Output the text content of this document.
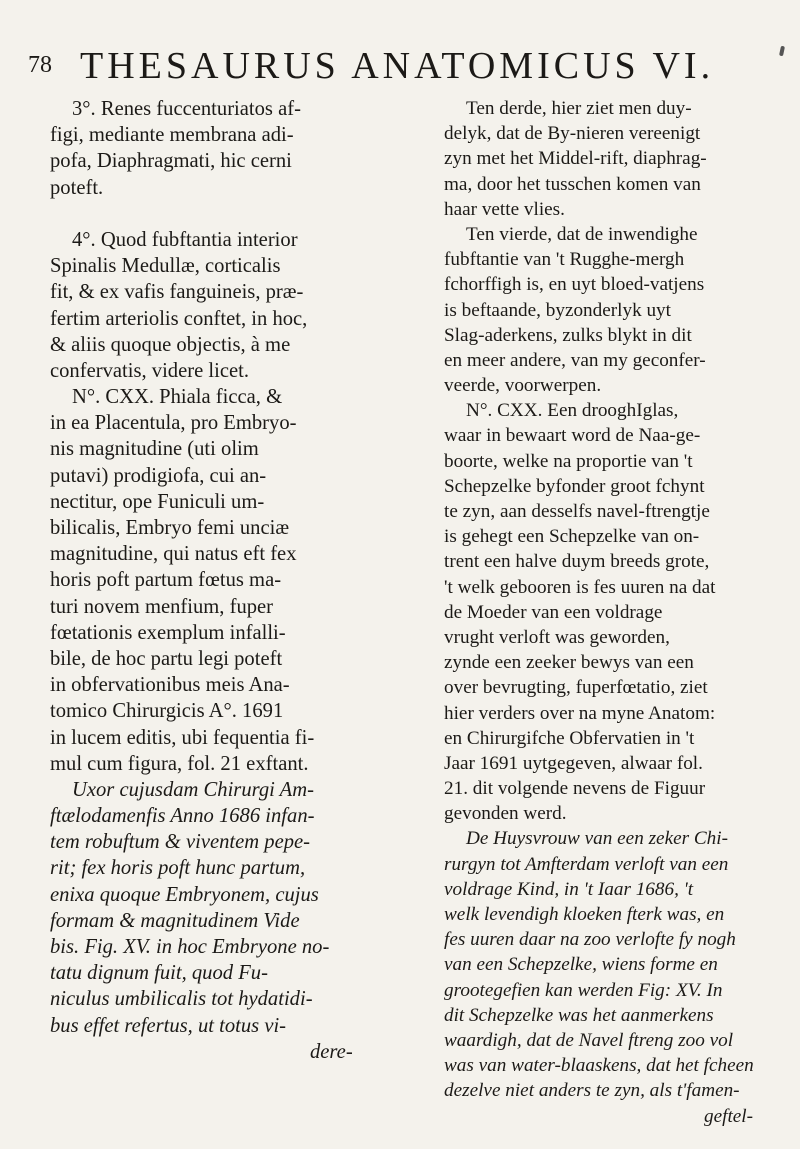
78 THESAURUS ANATOMICUS VI.
3°. Renes fuccenturiatos af-
figi, mediante membrana adi-
pofa, Diaphragmati, hic cerni
poteft.
4°. Quod fubftantia interior
Spinalis Medullæ, corticalis
fit, & ex vafis fanguineis, præ-
fertim arteriolis conftet, in hoc,
& aliis quoque objectis, à me
confervatis, videre licet.
N°. CXX. Phiala ficca, &
in ea Placentula, pro Embryo-
nis magnitudine (uti olim
putavi) prodigiofa, cui an-
nectitur, ope Funiculi um-
bilicalis, Embryo femi unciæ
magnitudine, qui natus eft fex
horis poft partum fœtus ma-
turi novem menfium, fuper
fœtationis exemplum infalli-
bile, de hoc partu legi poteft
in obfervationibus meis Ana-
tomico Chirurgicis A°. 1691
in lucem editis, ubi fequentia fi-
mul cum figura, fol. 21 exftant.
Uxor cujusdam Chirurgi Am-
ftælodamenfis Anno 1686 infan-
tem robuftum & viventem pepe-
rit; fex horis poft hunc partum,
enixa quoque Embryonem, cujus
formam & magnitudinem Vide
bis. Fig. XV. in hoc Embryone no-
tatu dignum fuit, quod Fu-
niculus umbilicalis tot hydatidi-
bus effet refertus, ut totus vi-
dere-
Ten derde, hier ziet men duy-
delyk, dat de By-nieren vereenigt
zyn met het Middel-rift, diaphrag-
ma, door het tusschen komen van
haar vette vlies.
Ten vierde, dat de inwendighe
fubftantie van 't Rugghe-mergh
fchorffigh is, en uyt bloed-vatjens
is beftaande, byzonderlyk uyt
Slag-aderkens, zulks blykt in dit
en meer andere, van my geconfer-
veerde, voorwerpen.
N°. CXX. Een drooghIglas,
waar in bewaart word de Naa-ge-
boorte, welke na proportie van 't
Schepzelke byfonder groot fchynt
te zyn, aan desselfs navel-ftrengtje
is gehegt een Schepzelke van on-
trent een halve duym breeds grote,
't welk gebooren is fes uuren na dat
de Moeder van een voldrage
vrught verloft was geworden,
zynde een zeeker bewys van een
over bevrugting, fuperfœtatio, ziet
hier verders over na myne Anatom:
en Chirurgifche Obfervatien in 't
Jaar 1691 uytgegeven, alwaar fol.
21. dit volgende nevens de Figuur
gevonden werd.
De Huysvrouw van een zeker Chi-
rurgyn tot Amfterdam verloft van een
voldrage Kind, in 't Iaar 1686, 't
welk levendigh kloeken fterk was, en
fes uuren daar na zoo verlofte fy nogh
van een Schepzelke, wiens forme en
grootegefien kan werden Fig: XV. In
dit Schepzelke was het aanmerkens
waardigh, dat de Navel ftreng zoo vol
was van water-blaaskens, dat het fcheen
dezelve niet anders te zyn, als t'famen-
geftel-
